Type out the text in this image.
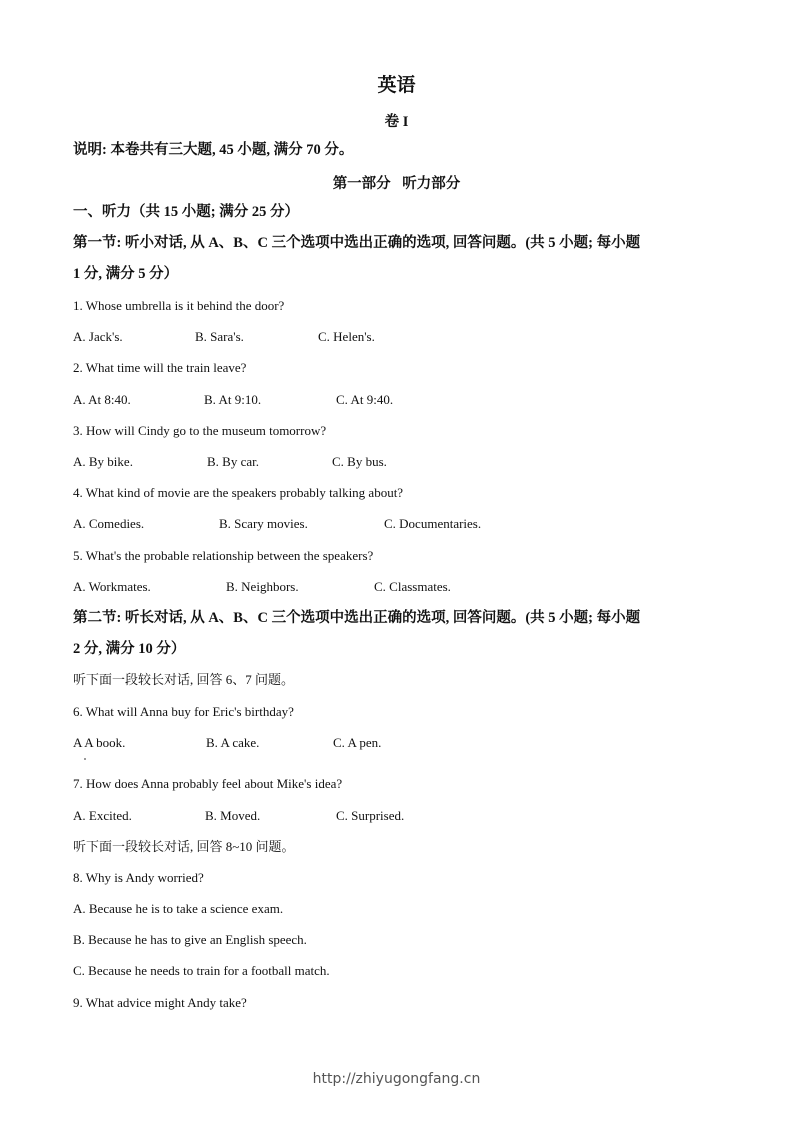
英语
卷 I
说明: 本卷共有三大题, 45 小题, 满分 70 分。
第一部分 听力部分
一、听力（共 15 小题; 满分 25 分）
第一节: 听小对话, 从 A、B、C 三个选项中选出正确的选项, 回答问题。(共 5 小题; 每小题
1 分, 满分 5 分）
1. Whose umbrella is it behind the door?
A. Jack's.	B. Sara's.	C. Helen's.
2. What time will the train leave?
A. At 8:40.	B. At 9:10.	C. At 9:40.
3. How will Cindy go to the museum tomorrow?
A. By bike.	B. By car.	C. By bus.
4. What kind of movie are the speakers probably talking about?
A. Comedies.	B. Scary movies.	C. Documentaries.
5. What's the probable relationship between the speakers?
A. Workmates.	B. Neighbors.	C. Classmates.
第二节: 听长对话, 从 A、B、C 三个选项中选出正确的选项, 回答问题。(共 5 小题; 每小题
2 分, 满分 10 分）
听下面一段较长对话, 回答 6、7 问题。
6. What will Anna buy for Eric's birthday?
A A book.	B. A cake.	C. A pen.
7. How does Anna probably feel about Mike's idea?
A. Excited.	B. Moved.	C. Surprised.
听下面一段较长对话, 回答 8~10 问题。
8. Why is Andy worried?
A. Because he is to take a science exam.
B. Because he has to give an English speech.
C. Because he needs to train for a football match.
9. What advice might Andy take?
http://zhiyugongfang.cn
